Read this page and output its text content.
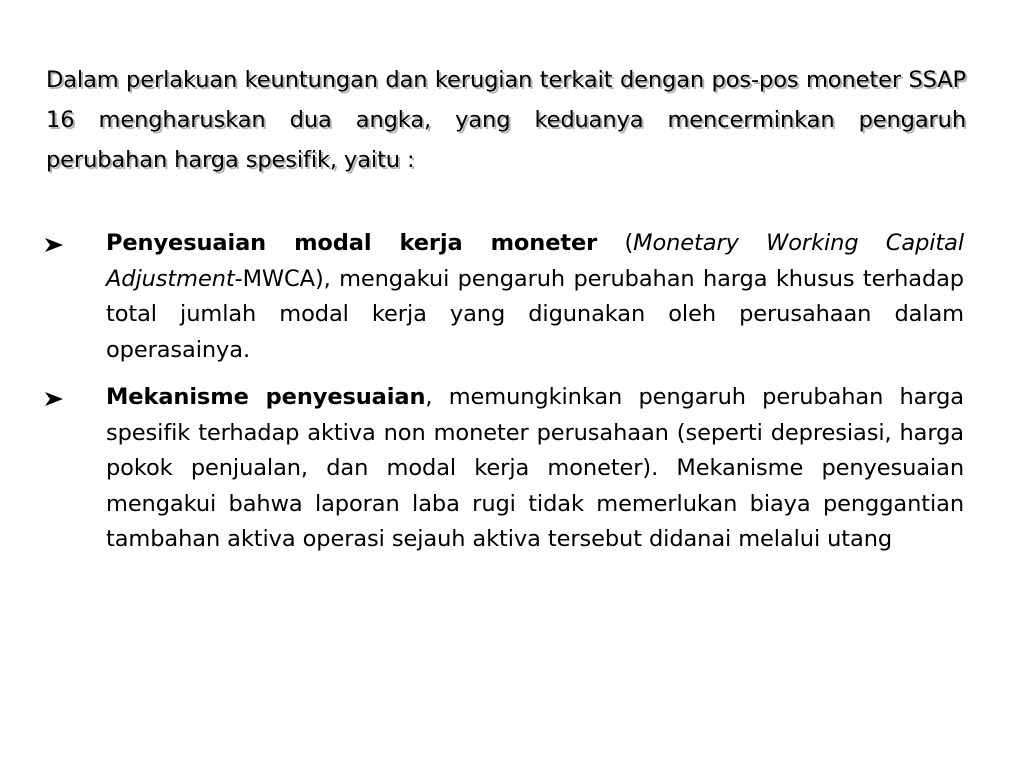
Dalam perlakuan keuntungan dan kerugian terkait dengan pos-pos moneter SSAP 16 mengharuskan dua angka, yang keduanya mencerminkan pengaruh perubahan harga spesifik, yaitu :
Penyesuaian modal kerja moneter (Monetary Working Capital Adjustment-MWCA), mengakui pengaruh perubahan harga khusus terhadap total jumlah modal kerja yang digunakan oleh perusahaan dalam operasainya.
Mekanisme penyesuaian, memungkinkan pengaruh perubahan harga spesifik terhadap aktiva non moneter perusahaan (seperti depresiasi, harga pokok penjualan, dan modal kerja moneter). Mekanisme penyesuaian mengakui bahwa laporan laba rugi tidak memerlukan biaya penggantian tambahan aktiva operasi sejauh aktiva tersebut didanai melalui utang
